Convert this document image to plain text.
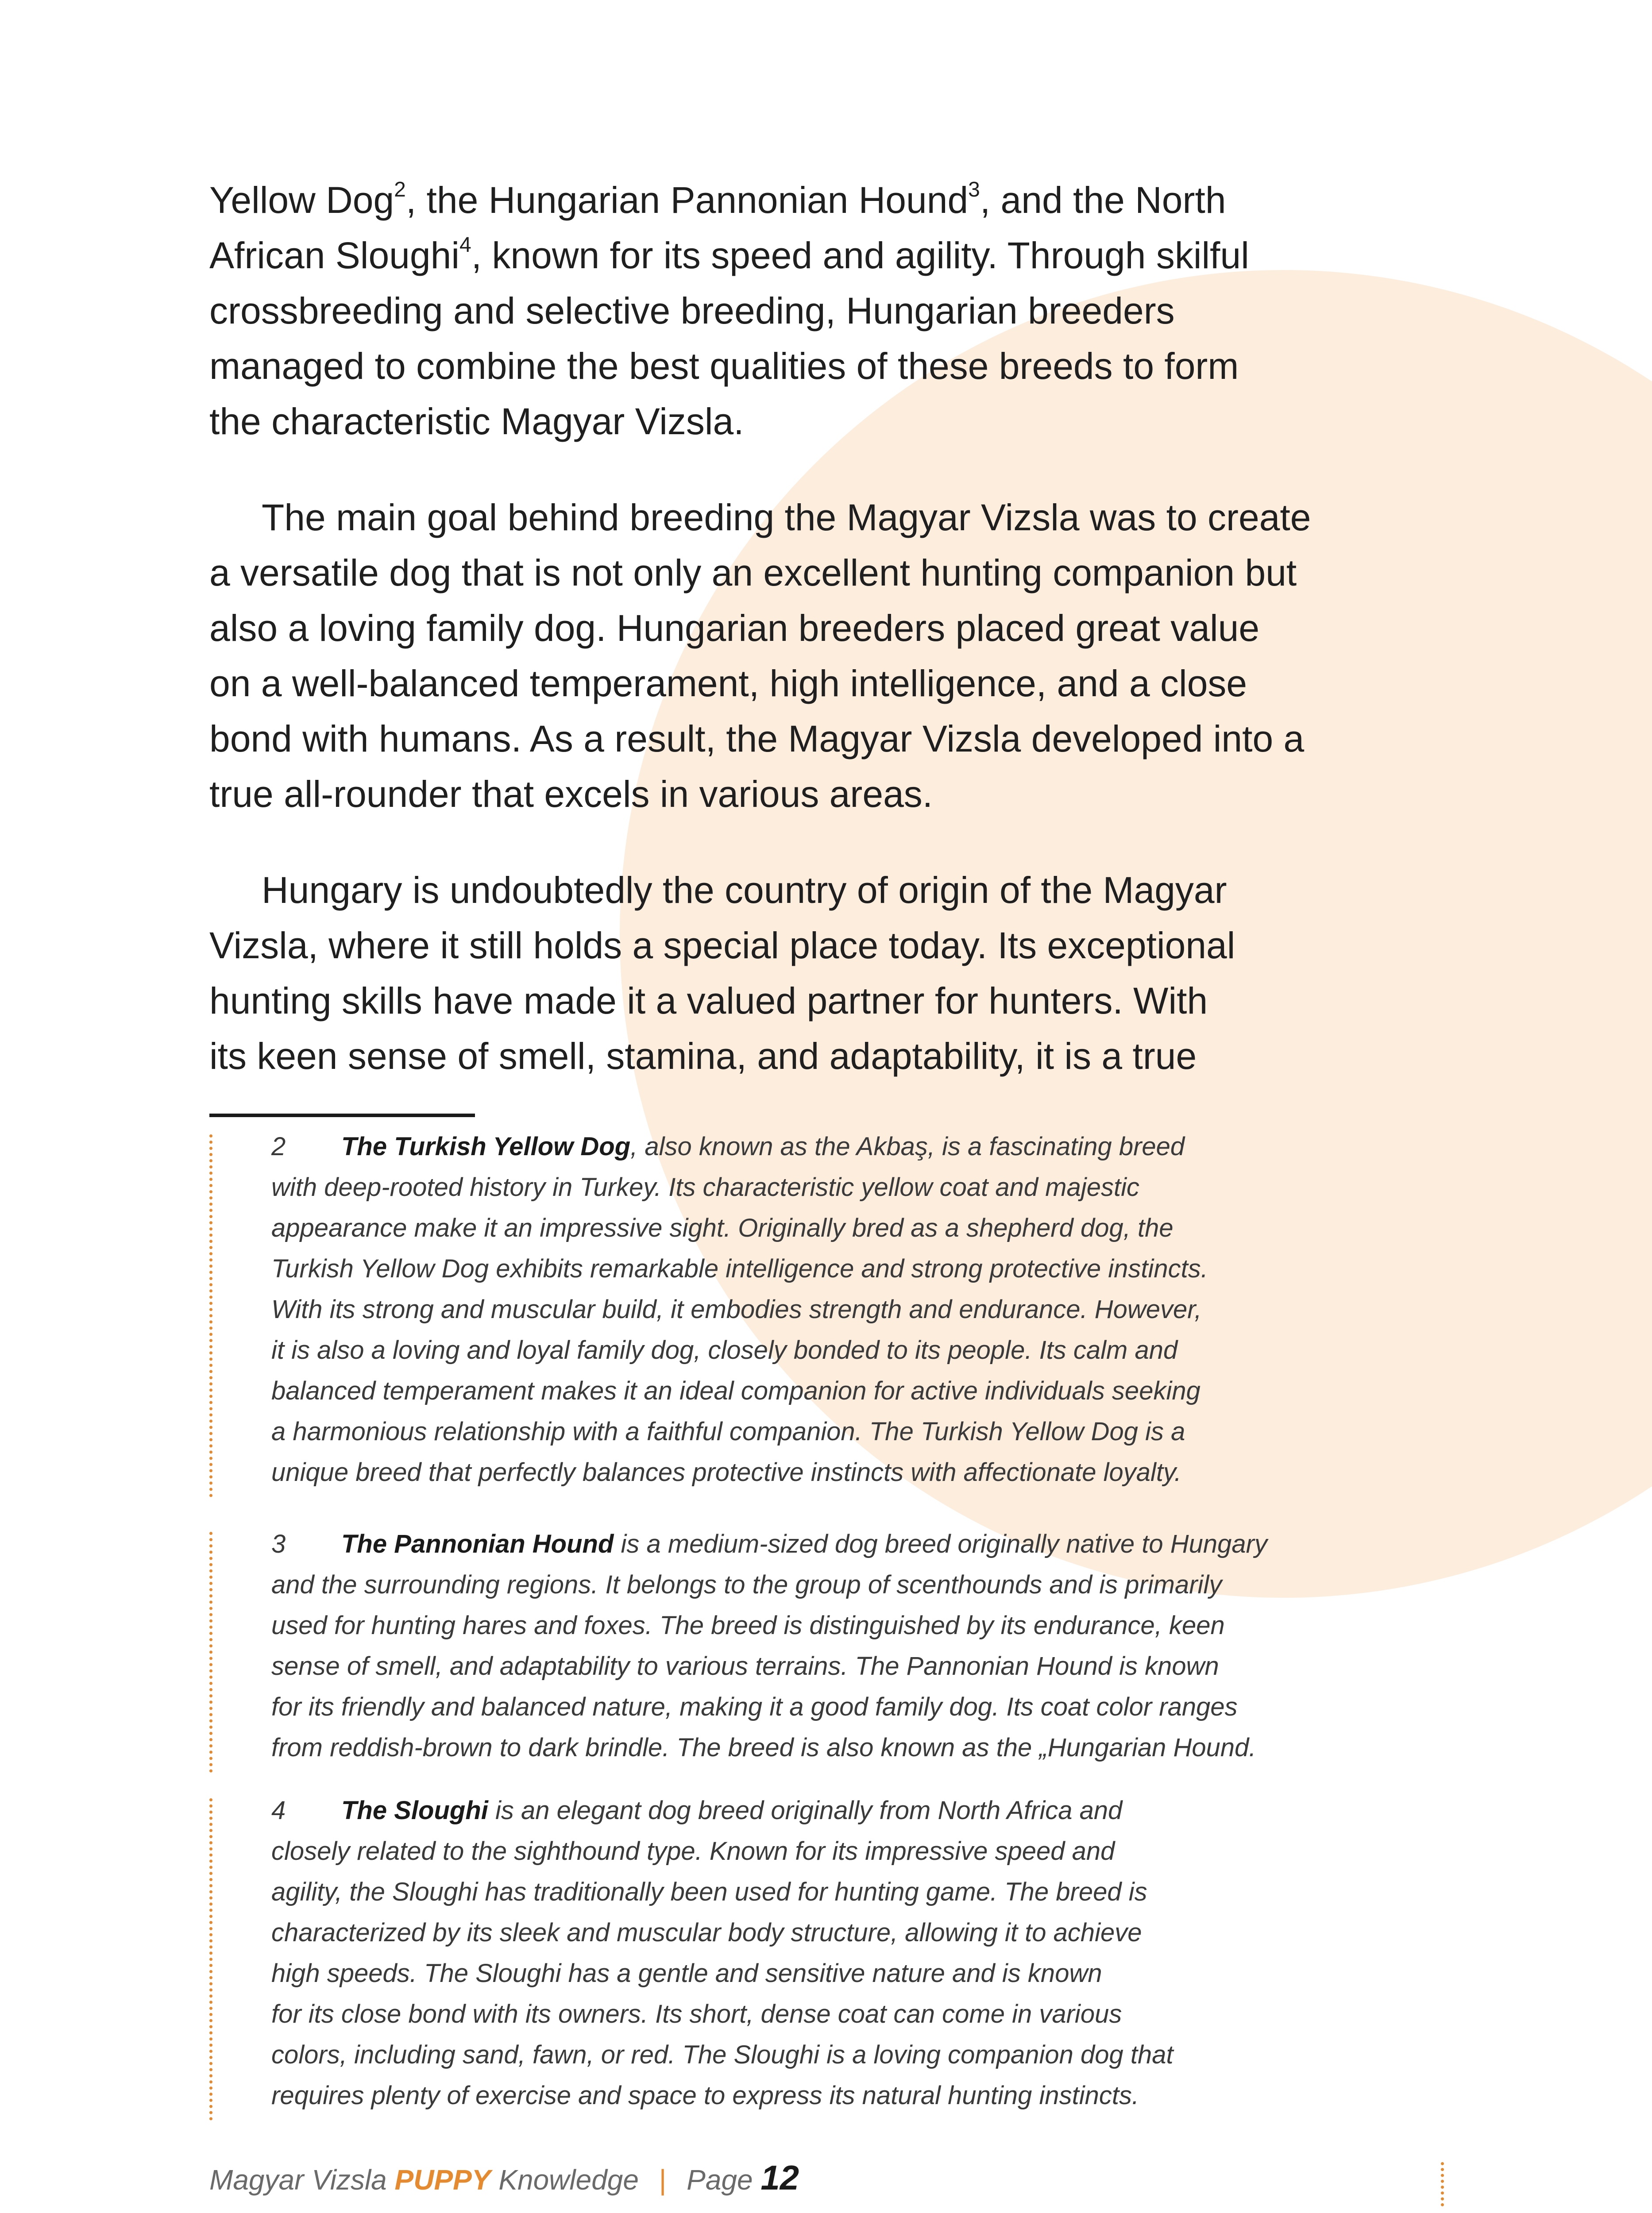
Yellow Dog$^2$, the Hungarian Pannonian Hound$^3$, and the North
African Sloughi$^4$, known for its speed and agility. Through skilful
crossbreeding and selective breeding, Hungarian breeders
managed to combine the best qualities of these breeds to form
the characteristic Magyar Vizsla.

The main goal behind breeding the Magyar Vizsla was to create
a versatile dog that is not only an excellent hunting companion but
also a loving family dog. Hungarian breeders placed great value
on a well-balanced temperament, high intelligence, and a close
bond with humans. As a result, the Magyar Vizsla developed into a
true all-rounder that excels in various areas.

Hungary is undoubtedly the country of origin of the Magyar
Vizsla, where it still holds a special place today. Its exceptional
hunting skills have made it a valued partner for hunters. With
its keen sense of smell, stamina, and adaptability, it is a true

2 The Turkish Yellow Dog, also known as the Akbaş, is a fascinating breed
with deep-rooted history in Turkey. Its characteristic yellow coat and majestic
appearance make it an impressive sight. Originally bred as a shepherd dog, the
Turkish Yellow Dog exhibits remarkable intelligence and strong protective instincts.
With its strong and muscular build, it embodies strength and endurance. However,
it is also a loving and loyal family dog, closely bonded to its people. Its calm and
balanced temperament makes it an ideal companion for active individuals seeking
a harmonious relationship with a faithful companion. The Turkish Yellow Dog is a
unique breed that perfectly balances protective instincts with affectionate loyalty.
3 The Pannonian Hound is a medium-sized dog breed originally native to Hungary
and the surrounding regions. It belongs to the group of scenthounds and is primarily
used for hunting hares and foxes. The breed is distinguished by its endurance, keen
sense of smell, and adaptability to various terrains. The Pannonian Hound is known
for its friendly and balanced nature, making it a good family dog. Its coat color ranges
from reddish-brown to dark brindle. The breed is also known as the „Hungarian Hound.
4 The Sloughi is an elegant dog breed originally from North Africa and
closely related to the sighthound type. Known for its impressive speed and
agility, the Sloughi has traditionally been used for hunting game. The breed is
characterized by its sleek and muscular body structure, allowing it to achieve
high speeds. The Sloughi has a gentle and sensitive nature and is known
for its close bond with its owners. Its short, dense coat can come in various
colors, including sand, fawn, or red. The Sloughi is a loving companion dog that
requires plenty of exercise and space to express its natural hunting instincts.
Magyar Vizsla PUPPY Knowledge | Page 12
